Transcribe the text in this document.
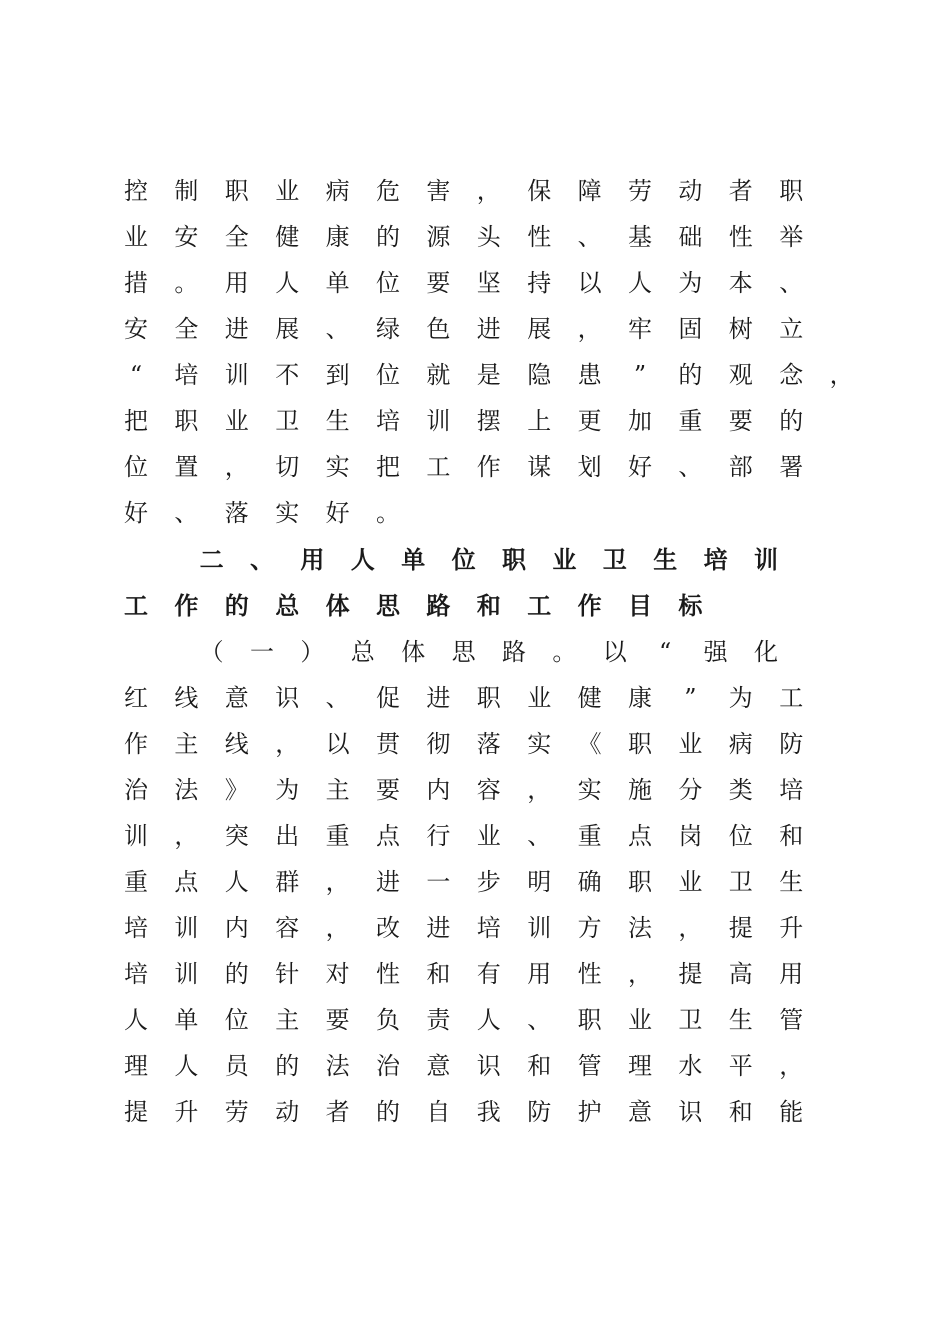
控 制 职 业 病 危 害 ， 保 障 劳 动 者 职
业 安 全 健 康 的 源 头 性 、 基 础 性 举
措 。 用 人 单 位 要 坚 持 以 人 为 本 、
安 全 进 展 、 绿 色 进 展 ， 牢 固 树 立
“	培 训 不 到 位 就 是 隐 患	”	的 观 念 ，
把 职 业 卫 生 培 训 摆 上 更 加 重 要 的
位 置 ， 切 实 把 工 作 谋 划 好 、 部 署
好 、 落 实 好 。
二 、 用 人 单 位 职 业 卫 生 培 训
工 作 的 总 体 思 路 和 工 作 目 标
（ 一 ） 总 体 思 路 。 以	“	强 化
红 线 意 识 、 促 进 职 业 健 康	”	为 工
作 主 线 ， 以 贯 彻 落 实 《 职 业 病 防
治 法 》 为 主 要 内 容 ， 实 施 分 类 培
训 ， 突 出 重 点 行 业 、 重 点 岗 位 和
重 点 人 群 ， 进 一 步 明 确 职 业 卫 生
培 训 内 容 ， 改 进 培 训 方 法 ， 提 升
培 训 的 针 对 性 和 有 用 性 ， 提 高 用
人 单 位 主 要 负 责 人 、 职 业 卫 生 管
理 人 员 的 法 治 意 识 和 管 理 水 平 ，
提 升 劳 动 者 的 自 我 防 护 意 识 和 能
